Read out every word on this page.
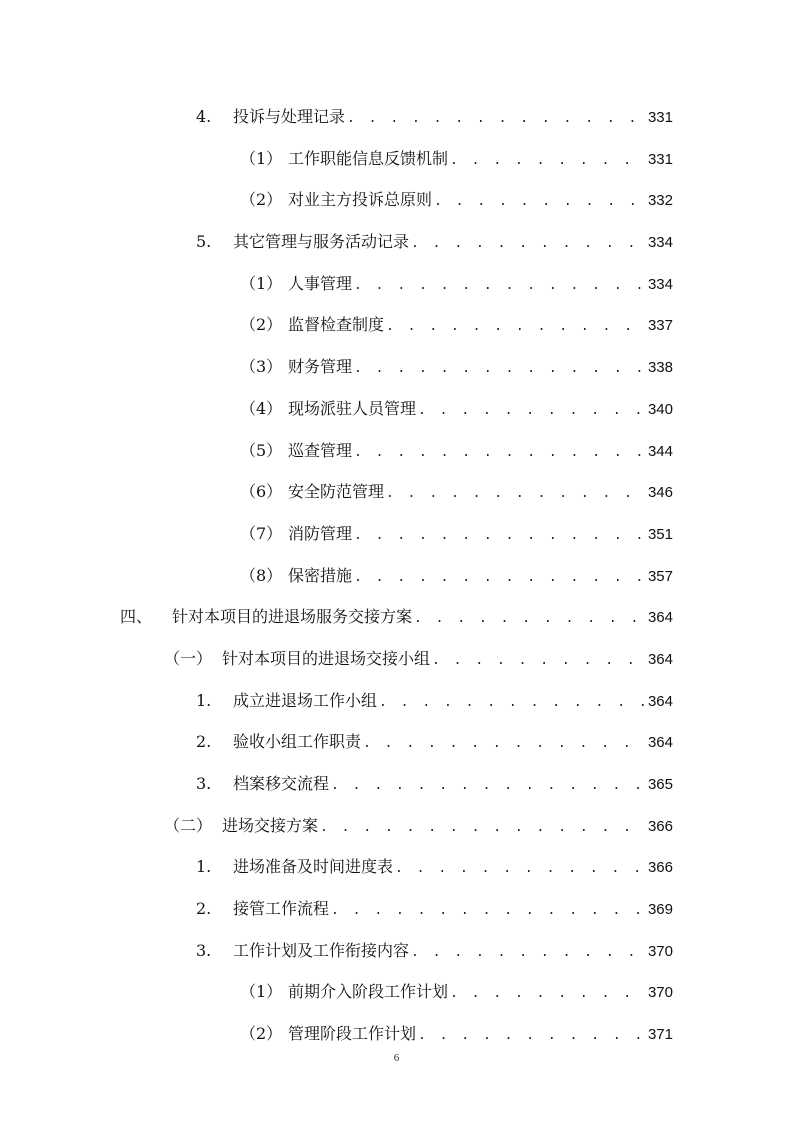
4.	投诉与处理记录 . . .	331
（1） 工作职能信息反馈机制 . . .	331
（2） 对业主方投诉总原则 . . .	332
5.	其它管理与服务活动记录 . . .	334
（1） 人事管理 . . .	334
（2） 监督检查制度 . . .	337
（3） 财务管理 . . .	338
（4） 现场派驻人员管理 . . .	340
（5） 巡查管理 . . .	344
（6） 安全防范管理 . . .	346
（7） 消防管理 . . .	351
（8） 保密措施 . . .	357
四、	针对本项目的进退场服务交接方案 . . .	364
（一） 针对本项目的进退场交接小组 . . .	364
1.	成立进退场工作小组 . . .	364
2.	验收小组工作职责 . . .	364
3.	档案移交流程 . . .	365
（二） 进场交接方案 . . .	366
1.	进场准备及时间进度表 . . .	366
2.	接管工作流程 . . .	369
3.	工作计划及工作衔接内容 . . .	370
（1） 前期介入阶段工作计划 . . .	370
（2） 管理阶段工作计划 . . .	371
6
